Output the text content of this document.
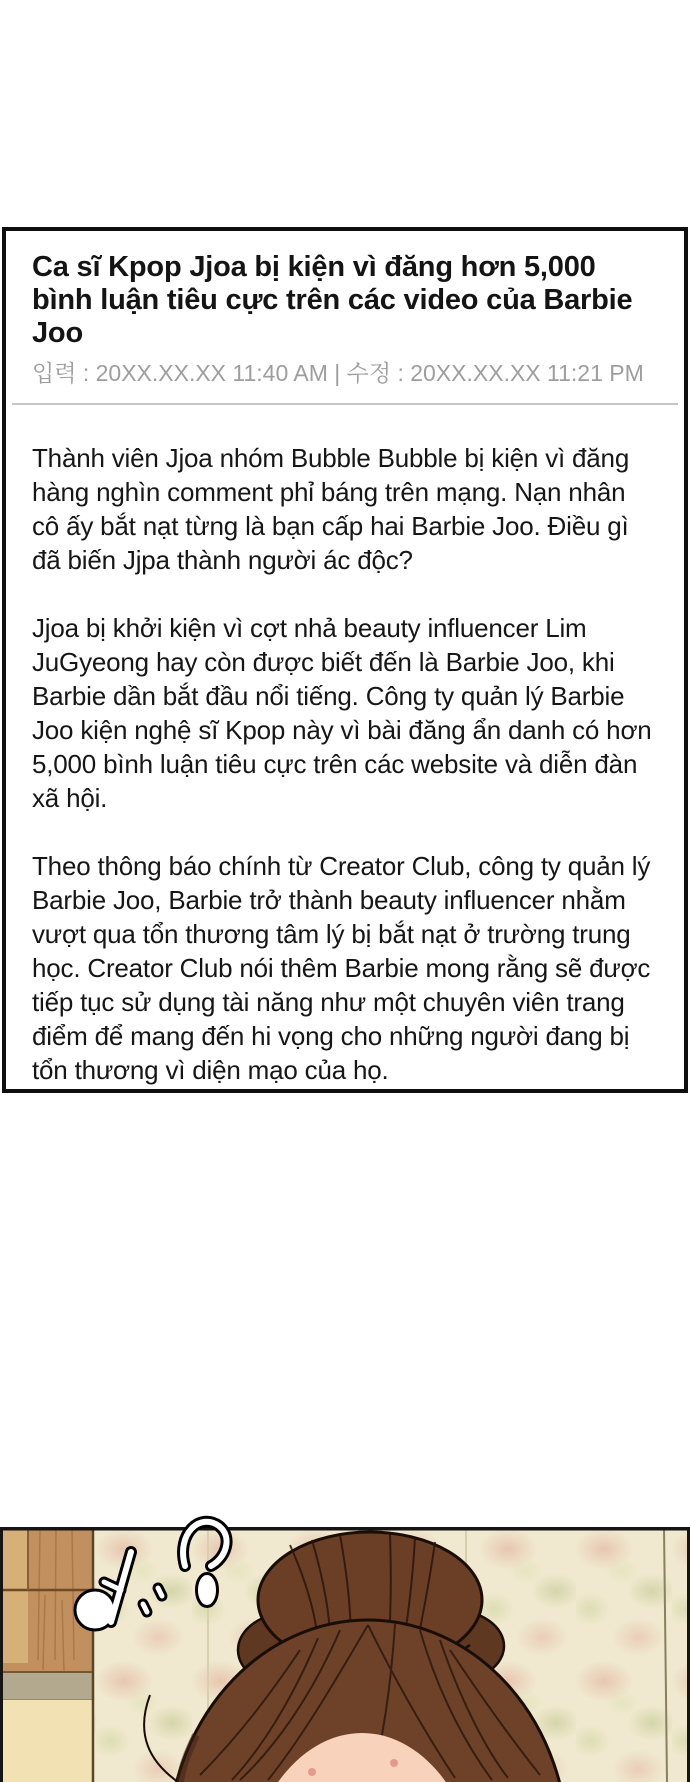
Ca sĩ Kpop Jjoa bị kiện vì đăng hơn 5,000 bình luận tiêu cực trên các video của Barbie Joo
입력 : 20XX.XX.XX 11:40 AM | 수정 : 20XX.XX.XX 11:21 PM

Thành viên Jjoa nhóm Bubble Bubble bị kiện vì đăng hàng nghìn comment phỉ báng trên mạng. Nạn nhân cô ấy bắt nạt từng là bạn cấp hai Barbie Joo. Điều gì đã biến Jjpa thành người ác độc?

Jjoa bị khởi kiện vì cợt nhả beauty influencer Lim JuGyeong hay còn được biết đến là Barbie Joo, khi Barbie dần bắt đầu nổi tiếng. Công ty quản lý Barbie Joo kiện nghệ sĩ Kpop này vì bài đăng ẩn danh có hơn 5,000 bình luận tiêu cực trên các website và diễn đàn xã hội.

Theo thông báo chính từ Creator Club, công ty quản lý Barbie Joo, Barbie trở thành beauty influencer nhằm vượt qua tổn thương tâm lý bị bắt nạt ở trường trung học. Creator Club nói thêm Barbie mong rằng sẽ được tiếp tục sử dụng tài năng như một chuyên viên trang điểm để mang đến hi vọng cho những người đang bị tổn thương vì diện mạo của họ.
